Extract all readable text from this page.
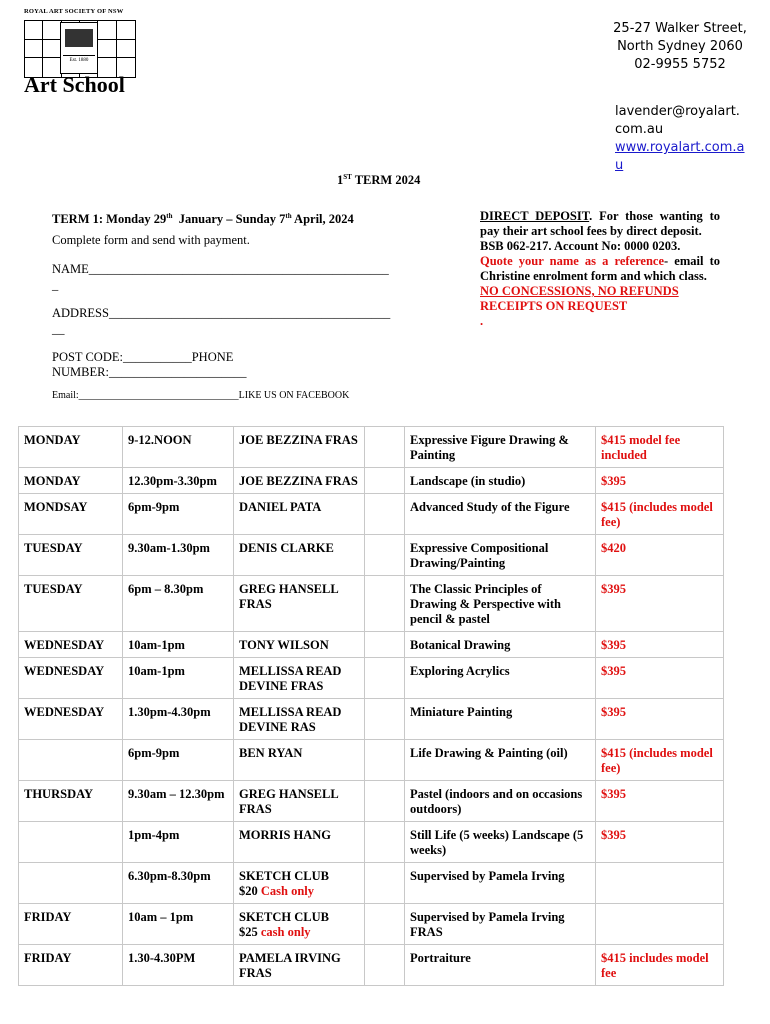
ROYAL ART SOCIETY OF NSW
Est. 1880
Art School
25-27 Walker Street,
North Sydney 2060
02-9955 5752
lavender@royalart.
com.au
www.royalart.com.a
u
1ST TERM 2024
TERM 1: Monday 29th  January – Sunday 7th April, 2024
Complete form and send with payment.
NAME________________________________________________
_
ADDRESS_____________________________________________
__
POST CODE:___________PHONE
NUMBER:______________________
Email:________________________________LIKE US ON FACEBOOK
DIRECT DEPOSIT. For those wanting to pay their art school fees by direct deposit.
BSB 062-217. Account No: 0000 0203.
Quote your name as a reference- email to Christine enrolment form and which class.
NO CONCESSIONS, NO REFUNDS
RECEIPTS ON REQUEST
.
MONDAY	9-12.NOON	JOE BEZZINA FRAS		Expressive Figure Drawing & Painting	$415 model fee included
MONDAY	12.30pm-3.30pm	JOE BEZZINA FRAS		Landscape (in studio)	$395
MONDSAY	6pm-9pm	DANIEL PATA		Advanced Study of the Figure	$415 (includes model fee)
TUESDAY	9.30am-1.30pm	DENIS CLARKE		Expressive Compositional Drawing/Painting	$420
TUESDAY	6pm – 8.30pm	GREG HANSELL FRAS		The Classic Principles of Drawing & Perspective with pencil & pastel	$395
WEDNESDAY	10am-1pm	TONY WILSON		Botanical Drawing	$395
WEDNESDAY	10am-1pm	MELLISSA READ DEVINE FRAS		Exploring Acrylics	$395
WEDNESDAY	1.30pm-4.30pm	MELLISSA READ DEVINE RAS		Miniature Painting	$395
	6pm-9pm	BEN RYAN		Life Drawing & Painting (oil)	$415 (includes model fee)
THURSDAY	9.30am – 12.30pm	GREG HANSELL FRAS		Pastel (indoors and on occasions outdoors)	$395
	1pm-4pm	MORRIS HANG		Still Life (5 weeks) Landscape (5 weeks)	$395
	6.30pm-8.30pm	SKETCH CLUB
$20 Cash only		Supervised by Pamela Irving	
FRIDAY	10am – 1pm	SKETCH CLUB
$25 cash only		Supervised by Pamela Irving FRAS	
FRIDAY	1.30-4.30PM	PAMELA IRVING FRAS		Portraiture	$415 includes model fee
